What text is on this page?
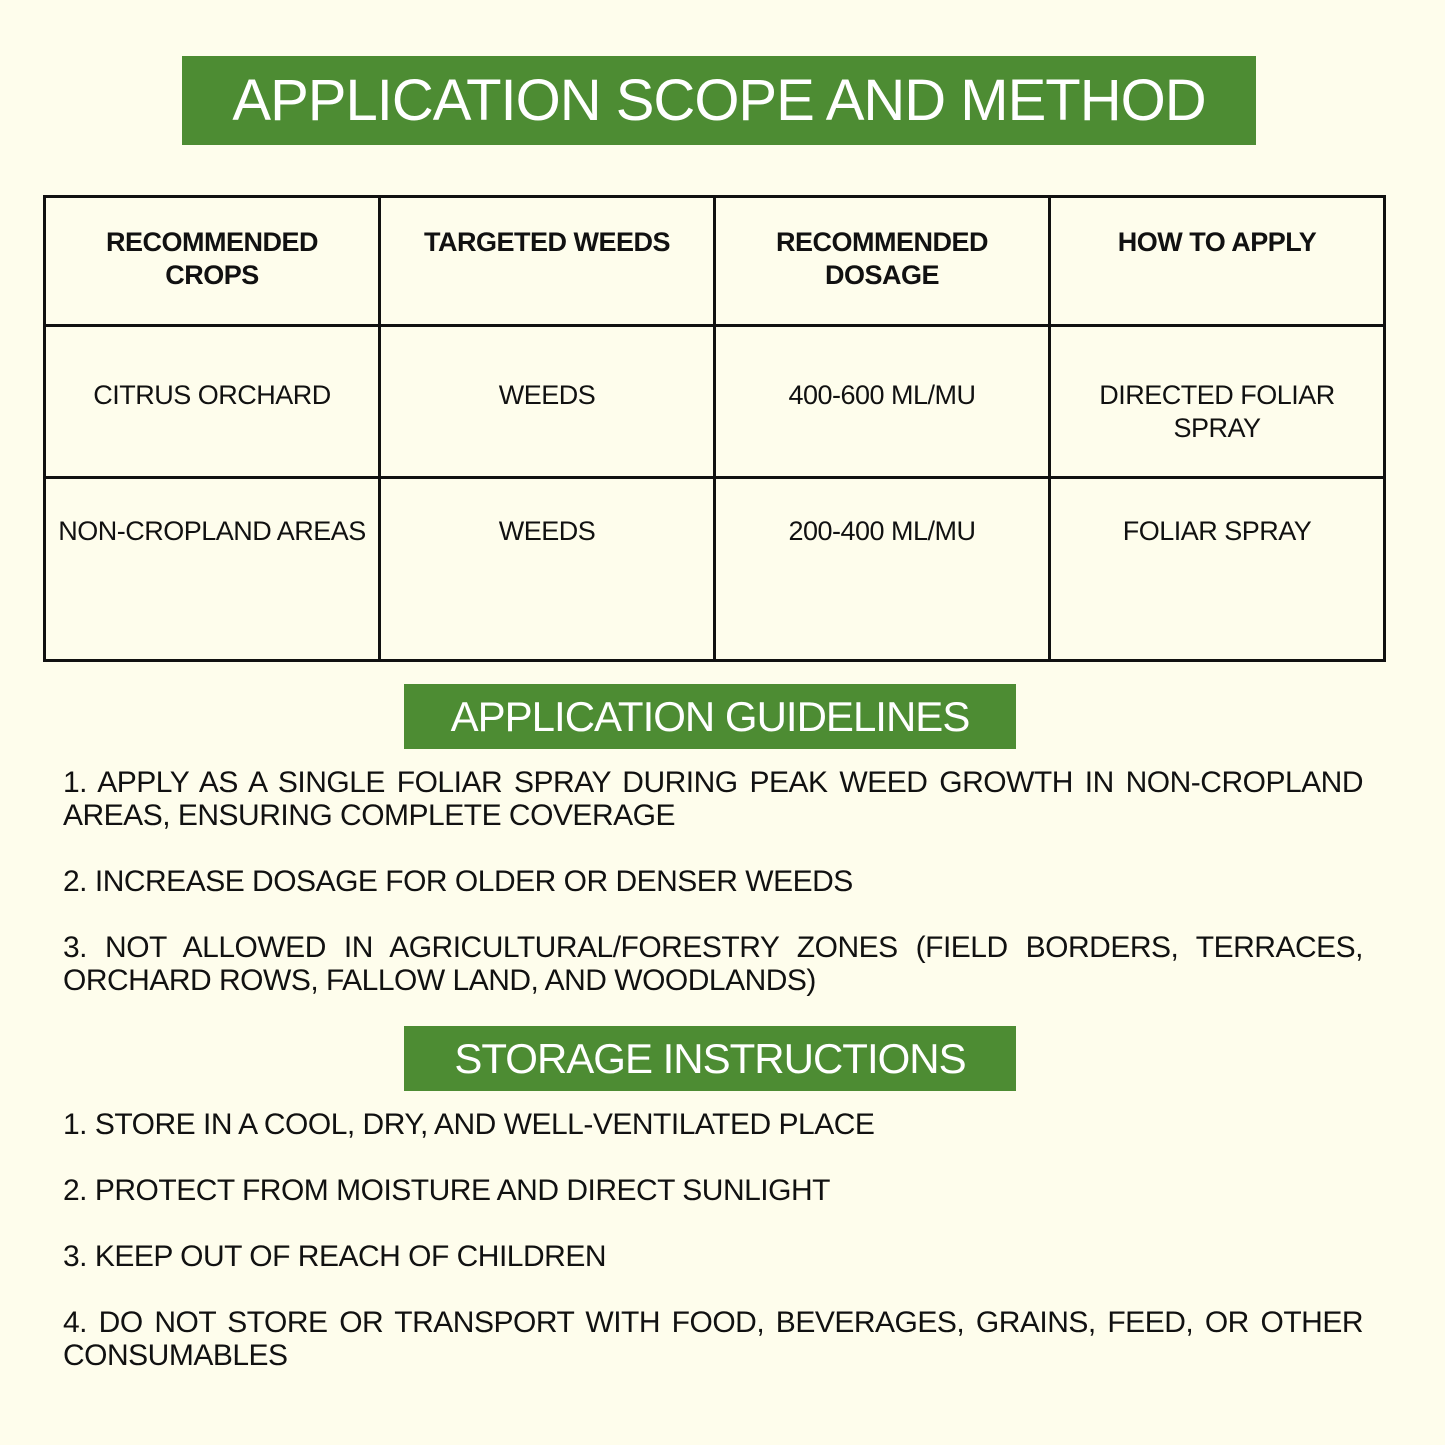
APPLICATION SCOPE AND METHOD
RECOMMENDED CROPS	TARGETED WEEDS	RECOMMENDED DOSAGE	HOW TO APPLY
CITRUS ORCHARD	WEEDS	400-600 ML/MU	DIRECTED FOLIAR SPRAY
NON-CROPLAND AREAS	WEEDS	200-400 ML/MU	FOLIAR SPRAY
APPLICATION GUIDELINES
1. APPLY AS A SINGLE FOLIAR SPRAY DURING PEAK WEED GROWTH IN NON-CROPLAND AREAS, ENSURING COMPLETE COVERAGE
2. INCREASE DOSAGE FOR OLDER OR DENSER WEEDS
3. NOT ALLOWED IN AGRICULTURAL/FORESTRY ZONES (FIELD BORDERS, TERRACES, ORCHARD ROWS, FALLOW LAND, AND WOODLANDS)
STORAGE INSTRUCTIONS
1. STORE IN A COOL, DRY, AND WELL-VENTILATED PLACE
2. PROTECT FROM MOISTURE AND DIRECT SUNLIGHT
3. KEEP OUT OF REACH OF CHILDREN
4. DO NOT STORE OR TRANSPORT WITH FOOD, BEVERAGES, GRAINS, FEED, OR OTHER CONSUMABLES
